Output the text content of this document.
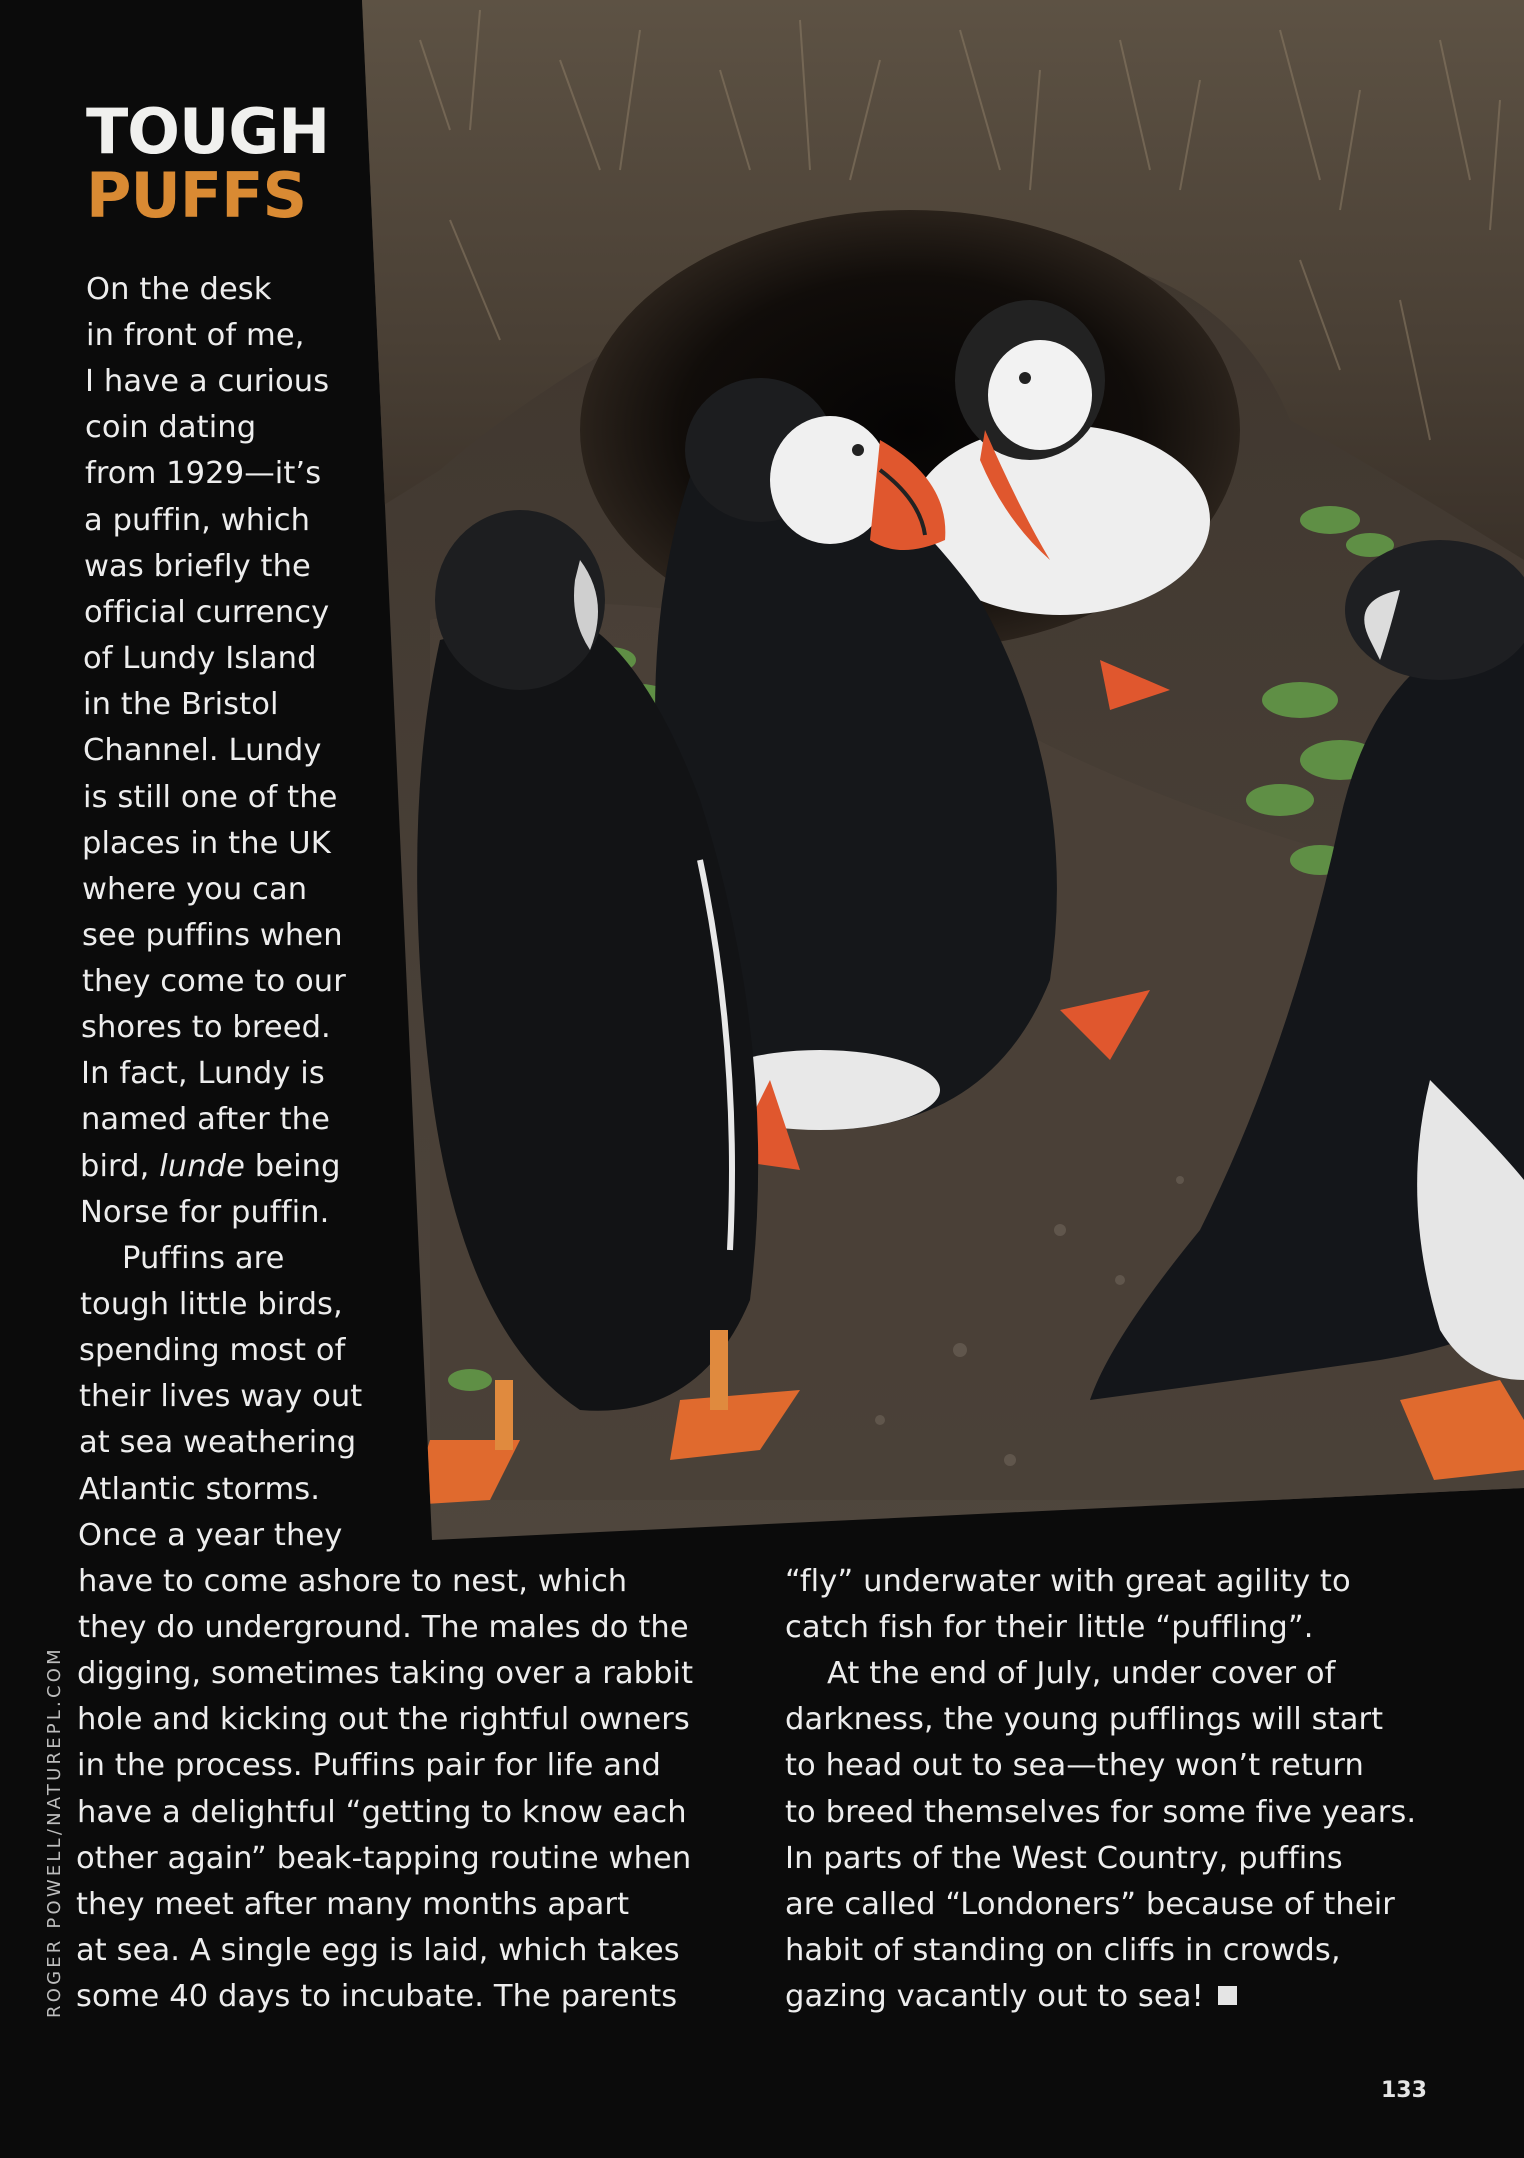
TOUGH
PUFFS

On the desk

in front of me,

I have a curious

coin dating

from 1929—it’s

a puffin, which

was briefly the

official currency

of Lundy Island

in the Bristol

Channel. Lundy

is still one of the

places in the UK

where you can

see puffins when

they come to our

shores to breed.

In fact, Lundy is

named after the

bird, lunde being

Norse for puffin.

Puffins are

tough little birds,

spending most of

their lives way out

at sea weathering

Atlantic storms.

Once a year they

have to come ashore to nest, which

they do underground. The males do the

digging, sometimes taking over a rabbit

hole and kicking out the rightful owners

in the process. Puffins pair for life and

have a delightful “getting to know each

other again” beak-tapping routine when

they meet after many months apart

at sea. A single egg is laid, which takes

some 40 days to incubate. The parents

“fly” underwater with great agility to

catch fish for their little “puffling”.

At the end of July, under cover of

darkness, the young pufflings will start

to head out to sea—they won’t return

to breed themselves for some five years.

In parts of the West Country, puffins

are called “Londoners” because of their

habit of standing on cliffs in crowds,

gazing vacantly out to sea!

ROGER POWELL/NATUREPL.COM
133
